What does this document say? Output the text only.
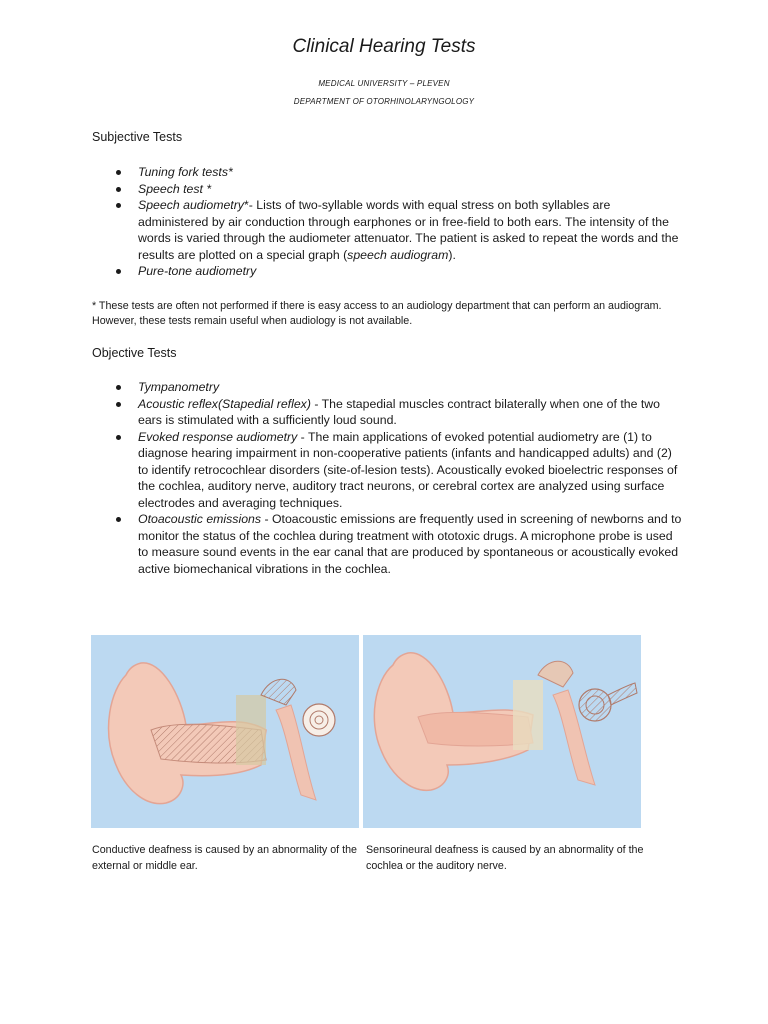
Clinical Hearing Tests
MEDICAL UNIVERSITY – PLEVEN
DEPARTMENT OF OTORHINOLARYNGOLOGY
Subjective Tests
Tuning fork tests*
Speech test *
Speech audiometry*- Lists of two-syllable words with equal stress on both syllables are administered by air conduction through earphones or in free-field to both ears. The intensity of the words is varied through the audiometer attenuator. The patient is asked to repeat the words and the results are plotted on a special graph (speech audiogram).
Pure-tone audiometry
* These tests are often not performed if there is easy access to an audiology department that can perform an audiogram. However, these tests remain useful when audiology is not available.
Objective Tests
Tympanometry
Acoustic reflex(Stapedial reflex) - The stapedial muscles contract bilaterally when one of the two ears is stimulated with a sufficiently loud sound.
Evoked response audiometry - The main applications of evoked potential audiometry are (1) to diagnose hearing impairment in non-cooperative patients (infants and handicapped adults) and (2) to identify retrocochlear disorders (site-of-lesion tests). Acoustically evoked bioelectric responses of the cochlea, auditory nerve, auditory tract neurons, or cerebral cortex are analyzed using surface electrodes and averaging techniques.
Otoacoustic emissions - Otoacoustic emissions are frequently used in screening of newborns and to monitor the status of the cochlea during treatment with ototoxic drugs. A microphone probe is used to measure sound events in the ear canal that are produced by spontaneous or acoustically evoked active biomechanical vibrations in the cochlea.
Conductive deafness is caused by an abnormality of the external or middle ear.
Sensorineural deafness is caused by an abnormality of the cochlea or the auditory nerve.
